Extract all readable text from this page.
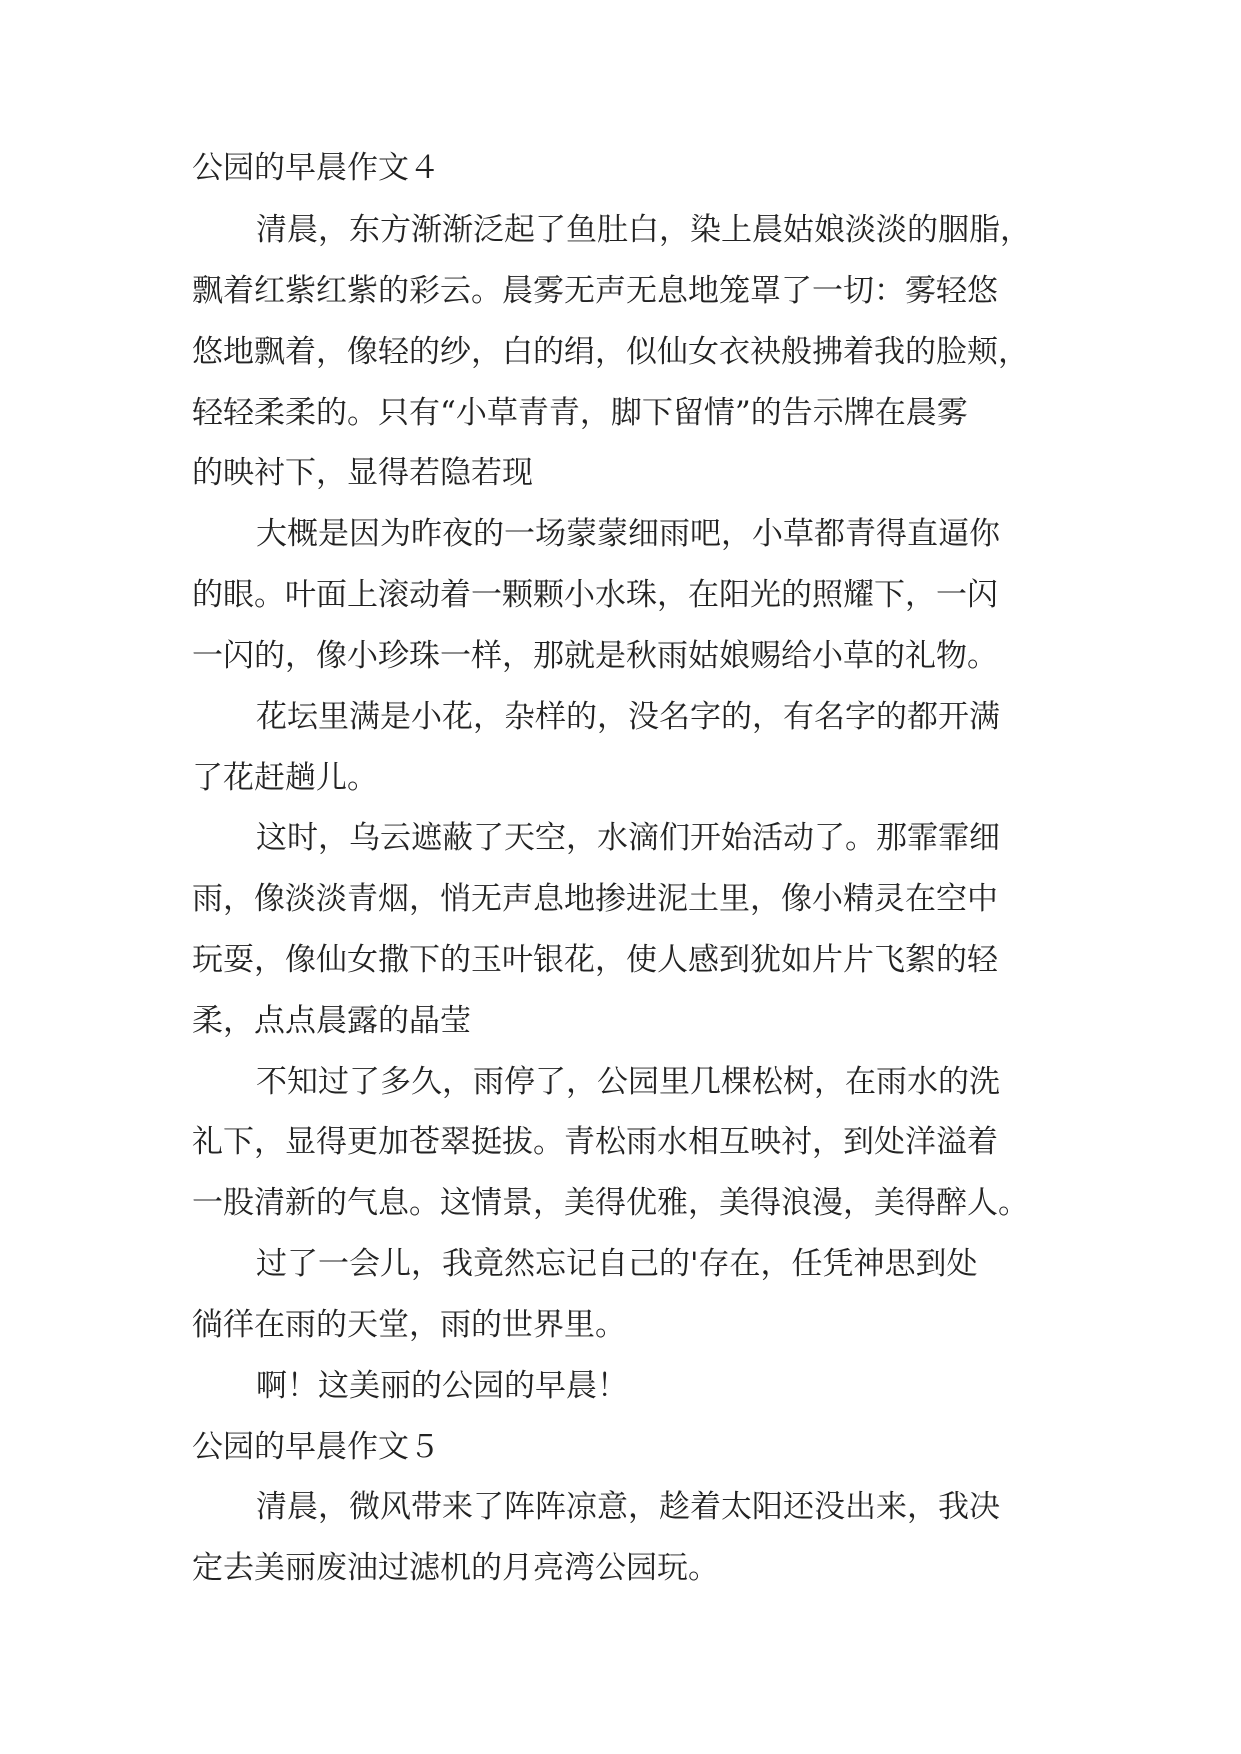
公园的早晨作文４
清晨，东方渐渐泛起了鱼肚白，染上晨姑娘淡淡的胭脂，
飘着红紫红紫的彩云。晨雾无声无息地笼罩了一切：雾轻悠
悠地飘着，像轻的纱，白的绢，似仙女衣袂般拂着我的脸颊，
轻轻柔柔的。只有“小草青青，脚下留情”的告示牌在晨雾
的映衬下，显得若隐若现
大概是因为昨夜的一场蒙蒙细雨吧，小草都青得直逼你
的眼。叶面上滚动着一颗颗小水珠，在阳光的照耀下，一闪
一闪的，像小珍珠一样，那就是秋雨姑娘赐给小草的礼物。
花坛里满是小花，杂样的，没名字的，有名字的都开满
了花赶趟儿。
这时，乌云遮蔽了天空，水滴们开始活动了。那霏霏细
雨，像淡淡青烟，悄无声息地掺进泥土里，像小精灵在空中
玩耍，像仙女撒下的玉叶银花，使人感到犹如片片飞絮的轻
柔，点点晨露的晶莹
不知过了多久，雨停了，公园里几棵松树，在雨水的洗
礼下，显得更加苍翠挺拔。青松雨水相互映衬，到处洋溢着
一股清新的气息。这情景，美得优雅，美得浪漫，美得醉人。
过了一会儿，我竟然忘记自己的'存在，任凭神思到处
徜徉在雨的天堂，雨的世界里。
啊！这美丽的公园的早晨！
公园的早晨作文５
清晨，微风带来了阵阵凉意，趁着太阳还没出来，我决
定去美丽废油过滤机的月亮湾公园玩。
